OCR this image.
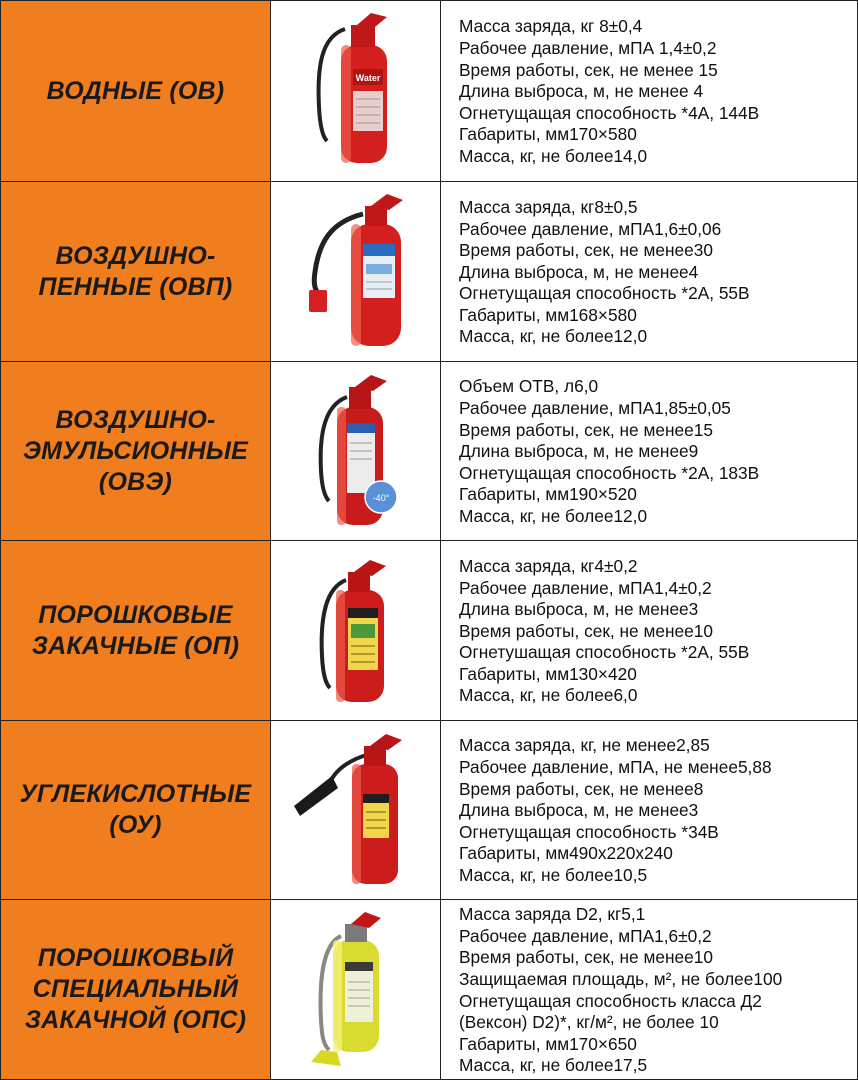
ВОДНЫЕ (ОВ)	Water
Масса заряда, кг 8±0,4
Рабочее давление, мПА 1,4±0,2
Время работы, сек, не менее 15
Длина выброса, м, не менее 4
Огнетущащая способность *4А, 144В
Габариты, мм170×580
Масса, кг, не более14,0
ВОЗДУШНО-
ПЕННЫЕ (ОВП)
Масса заряда, кг8±0,5
Рабочее давление, мПА1,6±0,06
Время работы, сек, не менее30
Длина выброса, м, не менее4
Огнетущащая способность *2А, 55В
Габариты, мм168×580
Масса, кг, не более12,0
ВОЗДУШНО-
ЭМУЛЬСИОННЫЕ
(ОВЭ)
-40°
Объем ОТВ, л6,0
Рабочее давление, мПА1,85±0,05
Время работы, сек, не менее15
Длина выброса, м, не менее9
Огнетущащая способность *2А, 183В
Габариты, мм190×520
Масса, кг, не более12,0
ПОРОШКОВЫЕ
ЗАКАЧНЫЕ (ОП)
Масса заряда, кг4±0,2
Рабочее давление, мПА1,4±0,2
Длина выброса, м, не менее3
Время работы, сек, не менее10
Огнетушащая способность *2А, 55В
Габариты, мм130×420
Масса, кг, не более6,0
УГЛЕКИСЛОТНЫЕ
(ОУ)
Масса заряда, кг, не менее2,85
Рабочее давление, мПА, не менее5,88
Время работы, сек, не менее8
Длина выброса, м, не менее3
Огнетущащая способность *34В
Габариты, мм490х220х240
Масса, кг, не более10,5
ПОРОШКОВЫЙ
СПЕЦИАЛЬНЫЙ
ЗАКАЧНОЙ (ОПС)
Масса заряда D2, кг5,1
Рабочее давление, мПА1,6±0,2
Время работы, сек, не менее10
Защищаемая площадь, м², не более100
Огнетущащая способность класса Д2
(Вексон) D2)*, кг/м², не более 10
Габариты, мм170×650
Масса, кг, не более17,5
